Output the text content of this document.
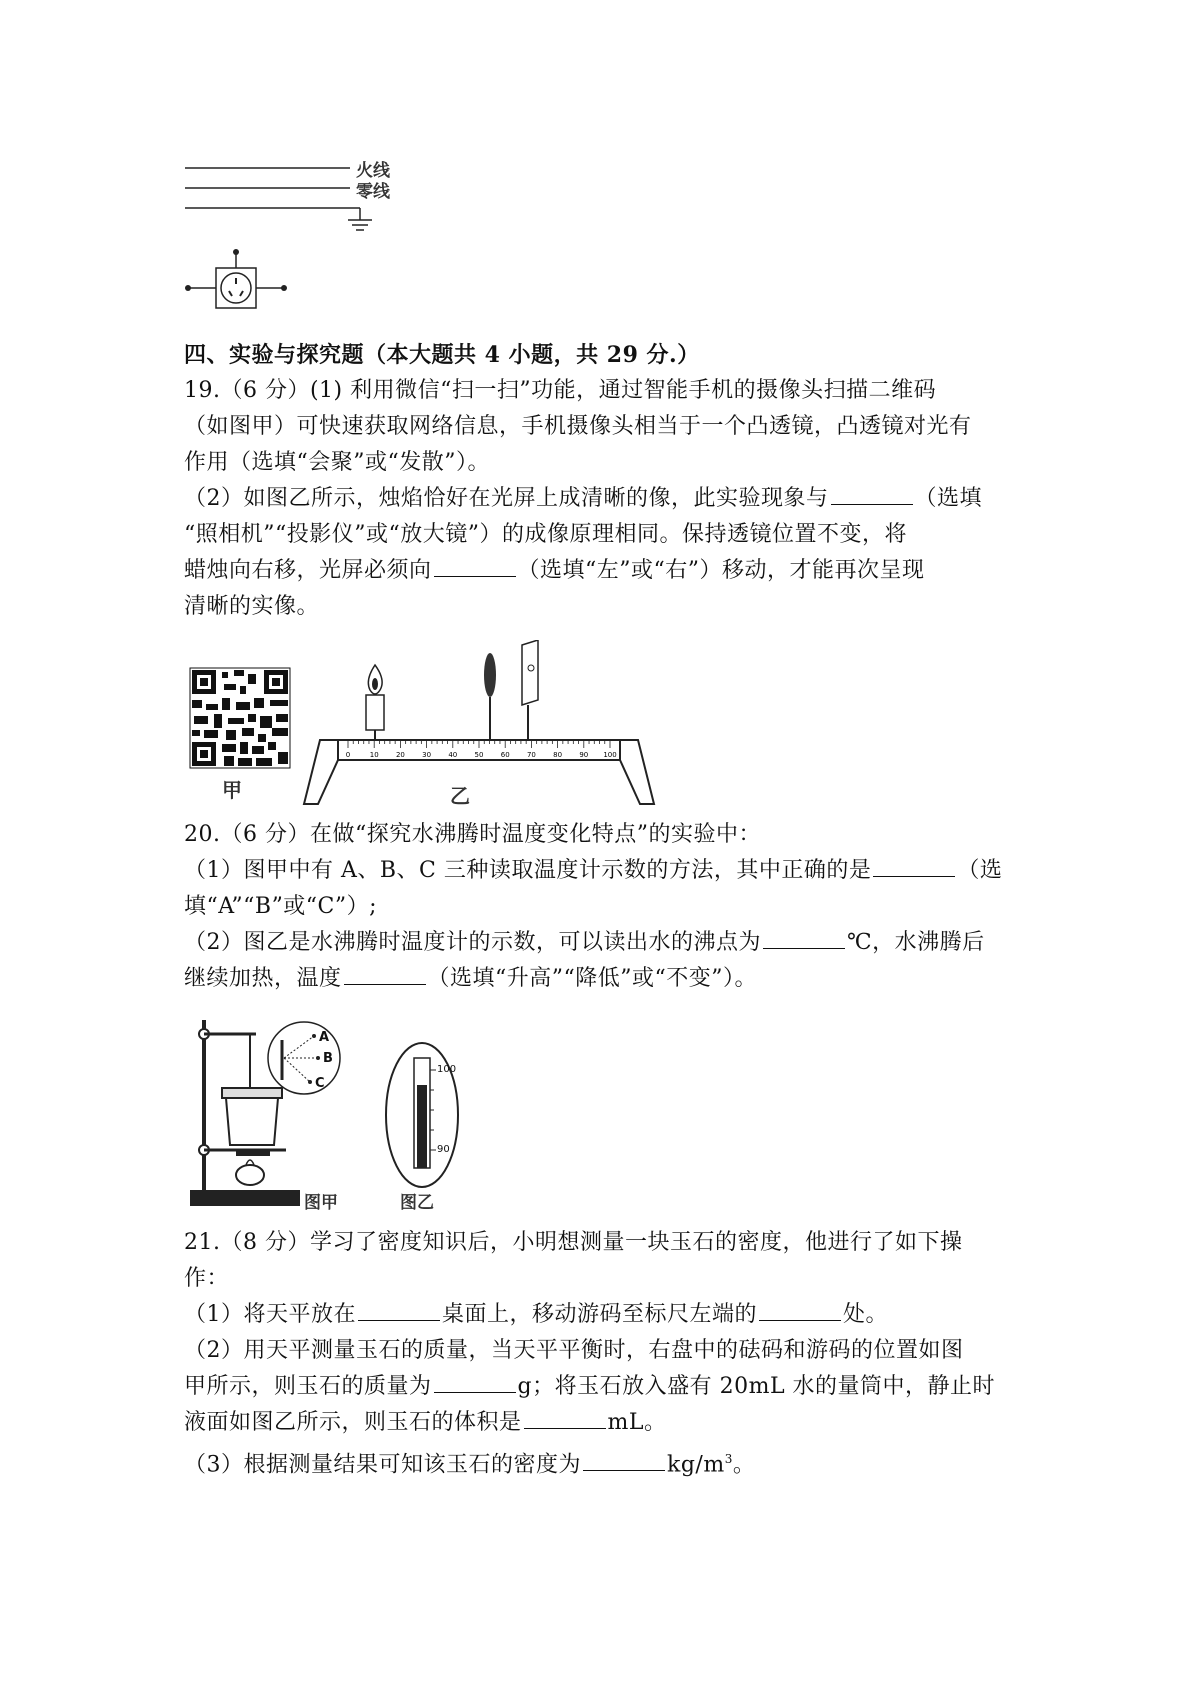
火线
零线
四、实验与探究题（本大题共 4 小题，共 29 分.）
19.（6 分）(1) 利用微信“扫一扫”功能，通过智能手机的摄像头扫描二维码
（如图甲）可快速获取网络信息，手机摄像头相当于一个凸透镜，凸透镜对光有
作用（选填“会聚”或“发散”）。
（2）如图乙所示，烛焰恰好在光屏上成清晰的像，此实验现象与	（选填
“照相机”“投影仪”或“放大镜”）的成像原理相同。保持透镜位置不变，将
蜡烛向右移，光屏必须向	（选填“左”或“右”）移动，才能再次呈现
清晰的实像。
甲
0	10 20 30 40 50 60 70 80 90 100
乙
20.（6 分）在做“探究水沸腾时温度变化特点”的实验中：
（1）图甲中有 A、B、C 三种读取温度计示数的方法，其中正确的是	（选
填“A”“B”或“C”）;
（2）图乙是水沸腾时温度计的示数，可以读出水的沸点为	℃，水沸腾后
继续加热，温度	（选填“升高”“降低”或“不变”）。
A
B
C
图甲
100
90
图乙
21.（8 分）学习了密度知识后，小明想测量一块玉石的密度，他进行了如下操
作：
（1）将天平放在	桌面上，移动游码至标尺左端的	处。
（2）用天平测量玉石的质量，当天平平衡时，右盘中的砝码和游码的位置如图
甲所示，则玉石的质量为	g；将玉石放入盛有 20mL 水的量筒中，静止时
液面如图乙所示，则玉石的体积是	mL。
（3）根据测量结果可知该玉石的密度为	$kg/m^3$。
